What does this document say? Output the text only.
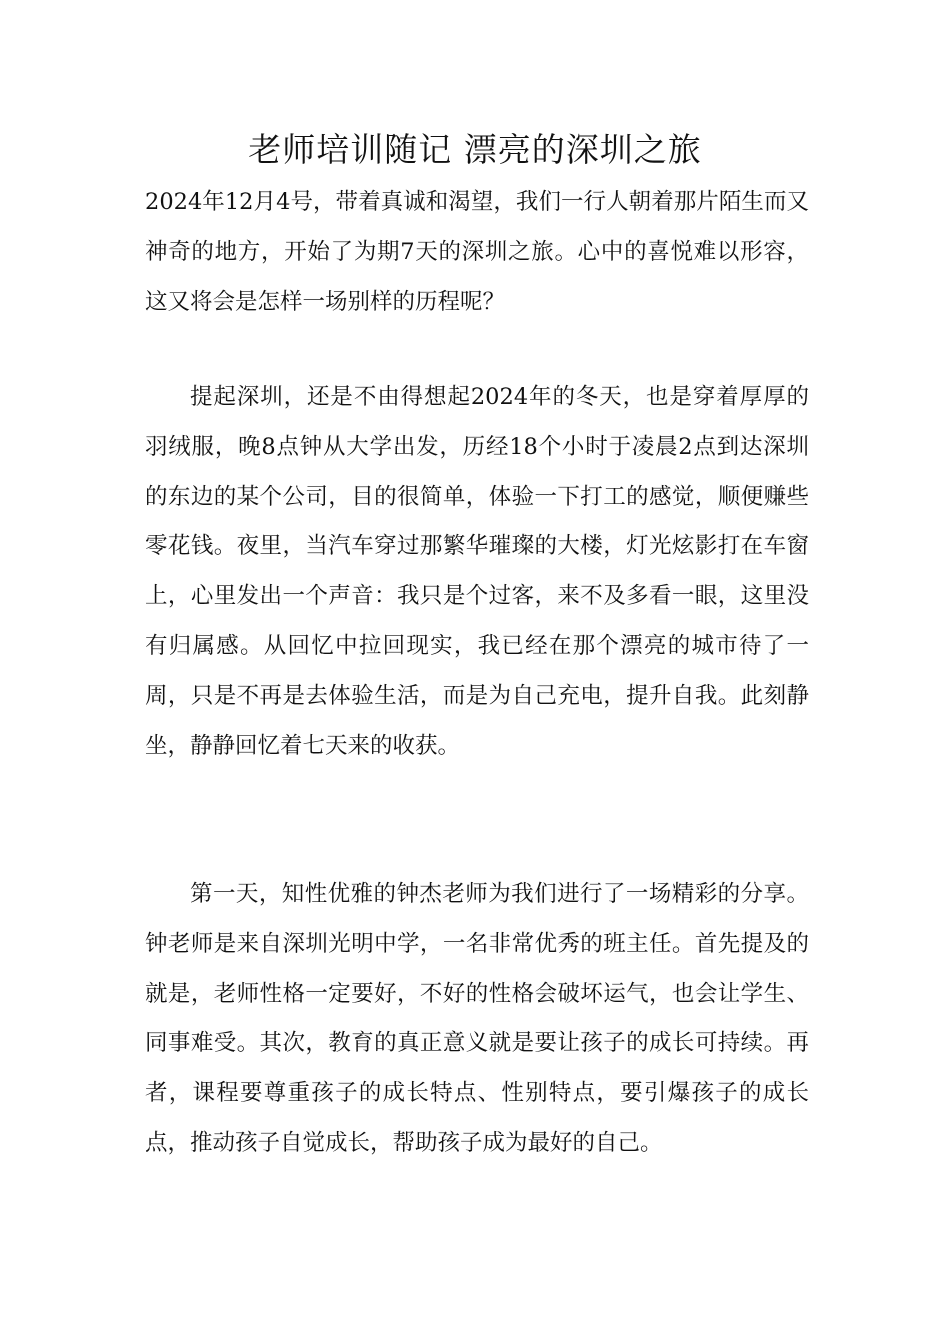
老师培训随记 漂亮的深圳之旅

2024年12月4号，带着真诚和渴望，我们一行人朝着那片陌生而又神奇的地方，开始了为期7天的深圳之旅。心中的喜悦难以形容，这又将会是怎样一场别样的历程呢？

提起深圳，还是不由得想起2024年的冬天，也是穿着厚厚的羽绒服，晚8点钟从大学出发，历经18个小时于凌晨2点到达深圳的东边的某个公司，目的很简单，体验一下打工的感觉，顺便赚些零花钱。夜里，当汽车穿过那繁华璀璨的大楼，灯光炫影打在车窗上，心里发出一个声音：我只是个过客，来不及多看一眼，这里没有归属感。从回忆中拉回现实，我已经在那个漂亮的城市待了一周，只是不再是去体验生活，而是为自己充电，提升自我。此刻静坐，静静回忆着七天来的收获。

第一天，知性优雅的钟杰老师为我们进行了一场精彩的分享。钟老师是来自深圳光明中学，一名非常优秀的班主任。首先提及的就是，老师性格一定要好，不好的性格会破坏运气，也会让学生、同事难受。其次，教育的真正意义就是要让孩子的成长可持续。再者，课程要尊重孩子的成长特点、性别特点，要引爆孩子的成长点，推动孩子自觉成长，帮助孩子成为最好的自己。
